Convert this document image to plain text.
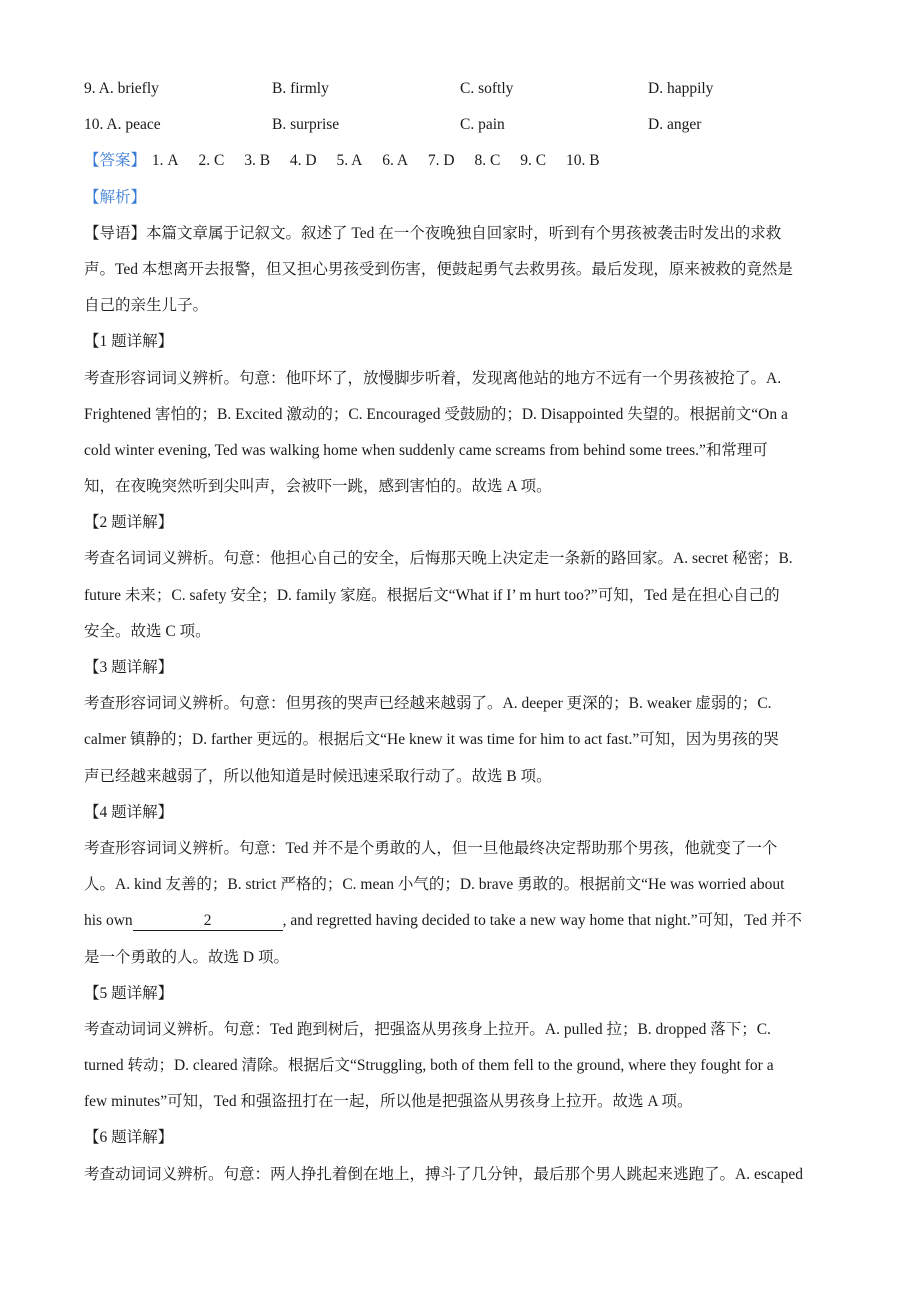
9. A. briefly	B. firmly	C. softly	D. happily
10. A. peace	B. surprise	C. pain	D. anger
【答案】 1. A 2. C 3. B 4. D 5. A 6. A 7. D 8. C 9. C 10. B
【解析】
【导语】本篇文章属于记叙文。叙述了 Ted 在一个夜晚独自回家时，听到有个男孩被袭击时发出的求救
声。Ted 本想离开去报警，但又担心男孩受到伤害，便鼓起勇气去救男孩。最后发现，原来被救的竟然是
自己的亲生儿子。
【1 题详解】
考查形容词词义辨析。句意：他吓坏了，放慢脚步听着，发现离他站的地方不远有一个男孩被抢了。A.
Frightened 害怕的；B. Excited 激动的；C. Encouraged 受鼓励的；D. Disappointed 失望的。根据前文“On a
cold winter evening, Ted was walking home when suddenly came screams from behind some trees.”和常理可
知，在夜晚突然听到尖叫声，会被吓一跳，感到害怕的。故选 A 项。
【2 题详解】
考查名词词义辨析。句意：他担心自己的安全，后悔那天晚上决定走一条新的路回家。A. secret 秘密；B.
future 未来；C. safety 安全；D. family 家庭。根据后文“What if I’ m hurt too?”可知，Ted 是在担心自己的
安全。故选 C 项。
【3 题详解】
考查形容词词义辨析。句意：但男孩的哭声已经越来越弱了。A. deeper 更深的；B. weaker 虚弱的；C.
calmer 镇静的；D. farther 更远的。根据后文“He knew it was time for him to act fast.”可知，因为男孩的哭
声已经越来越弱了，所以他知道是时候迅速采取行动了。故选 B 项。
【4 题详解】
考查形容词词义辨析。句意：Ted 并不是个勇敢的人，但一旦他最终决定帮助那个男孩，他就变了一个
人。A. kind 友善的；B. strict 严格的；C. mean 小气的；D. brave 勇敢的。根据前文“He was worried about
his own	2	, and regretted having decided to take a new way home that night.”可知，Ted 并不
是一个勇敢的人。故选 D 项。
【5 题详解】
考查动词词义辨析。句意：Ted 跑到树后，把强盗从男孩身上拉开。A. pulled 拉；B. dropped 落下；C.
turned 转动；D. cleared 清除。根据后文“Struggling, both of them fell to the ground, where they fought for a
few minutes”可知，Ted 和强盗扭打在一起，所以他是把强盗从男孩身上拉开。故选 A 项。
【6 题详解】
考查动词词义辨析。句意：两人挣扎着倒在地上，搏斗了几分钟，最后那个男人跳起来逃跑了。A. escaped
